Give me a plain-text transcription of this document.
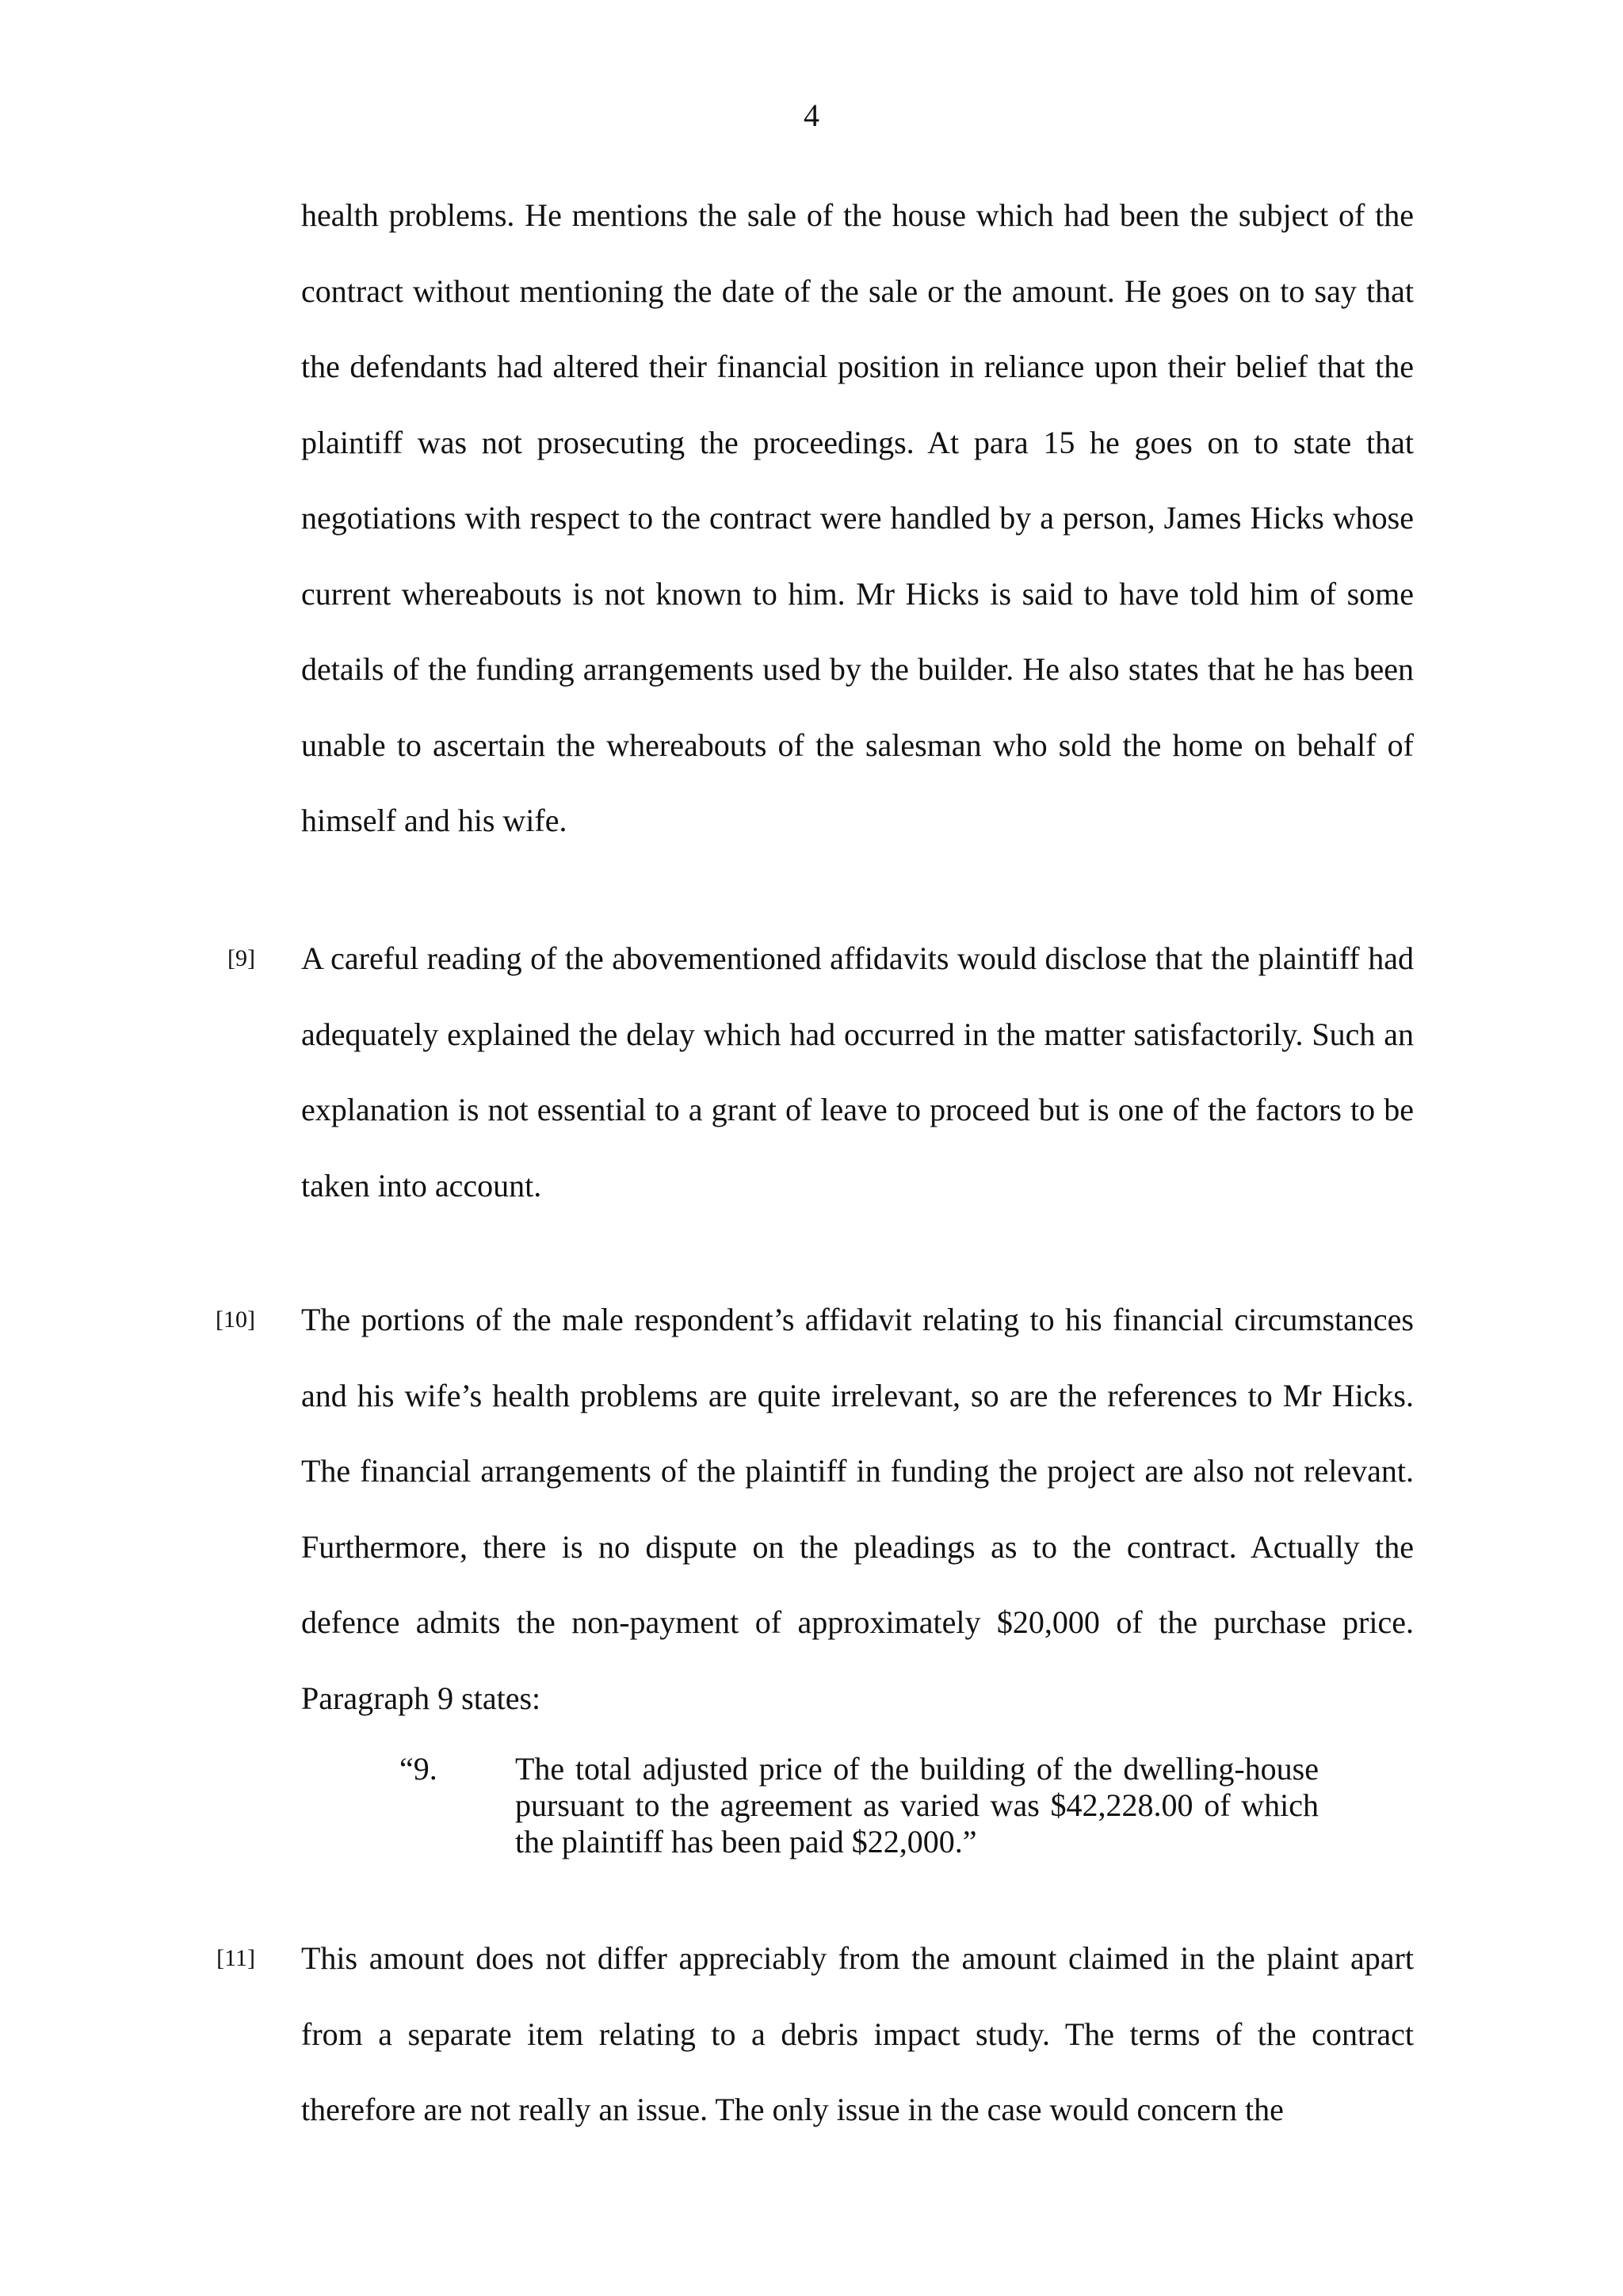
4
health problems. He mentions the sale of the house which had been the subject of the contract without mentioning the date of the sale or the amount. He goes on to say that the defendants had altered their financial position in reliance upon their belief that the plaintiff was not prosecuting the proceedings. At para 15 he goes on to state that negotiations with respect to the contract were handled by a person, James Hicks whose current whereabouts is not known to him. Mr Hicks is said to have told him of some details of the funding arrangements used by the builder. He also states that he has been unable to ascertain the whereabouts of the salesman who sold the home on behalf of himself and his wife.
[9] A careful reading of the abovementioned affidavits would disclose that the plaintiff had adequately explained the delay which had occurred in the matter satisfactorily. Such an explanation is not essential to a grant of leave to proceed but is one of the factors to be taken into account.
[10] The portions of the male respondent’s affidavit relating to his financial circumstances and his wife’s health problems are quite irrelevant, so are the references to Mr Hicks. The financial arrangements of the plaintiff in funding the project are also not relevant. Furthermore, there is no dispute on the pleadings as to the contract. Actually the defence admits the non-payment of approximately $20,000 of the purchase price. Paragraph 9 states:
“9. The total adjusted price of the building of the dwelling-house pursuant to the agreement as varied was $42,228.00 of which the plaintiff has been paid $22,000.”
[11] This amount does not differ appreciably from the amount claimed in the plaint apart from a separate item relating to a debris impact study. The terms of the contract therefore are not really an issue. The only issue in the case would concern the
